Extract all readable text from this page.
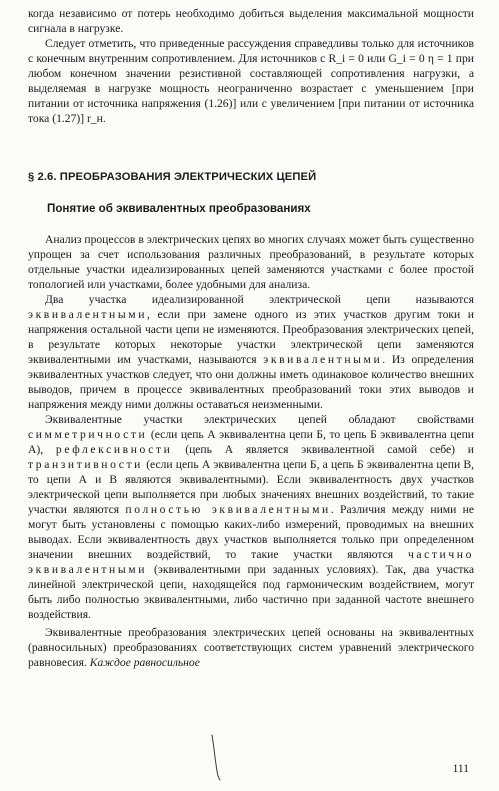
когда независимо от потерь необходимо добиться выделения максимальной мощности сигнала в нагрузке.

Следует отметить, что приведенные рассуждения справедливы только для источников с конечным внутренним сопротивлением. Для источников с R_i = 0 или G_i = 0 η = 1 при любом конечном значении резистивной составляющей сопротивления нагрузки, а выделяемая в нагрузке мощность неограниченно возрастает с уменьшением [при питании от источника напряжения (1.26)] или с увеличением [при питании от источника тока (1.27)] r_н.

§ 2.6. ПРЕОБРАЗОВАНИЯ ЭЛЕКТРИЧЕСКИХ ЦЕПЕЙ
Понятие об эквивалентных преобразованиях

Анализ процессов в электрических цепях во многих случаях может быть существенно упрощен за счет использования различных преобразований, в результате которых отдельные участки идеализированных цепей заменяются участками с более простой топологией или участками, более удобными для анализа.

Два участка идеализированной электрической цепи называются эквивалентными, если при замене одного из этих участков другим токи и напряжения остальной части цепи не изменяются. Преобразования электрических цепей, в результате которых некоторые участки электрической цепи заменяются эквивалентными им участками, называются эквивалентными. Из определения эквивалентных участков следует, что они должны иметь одинаковое количество внешних выводов, причем в процессе эквивалентных преобразований токи этих выводов и напряжения между ними должны оставаться неизменными.

Эквивалентные участки электрических цепей обладают свойствами симметричности (если цепь А эквивалентна цепи Б, то цепь Б эквивалентна цепи А), рефлексивности (цепь А является эквивалентной самой себе) и транзитивности (если цепь А эквивалентна цепи Б, а цепь Б эквивалентна цепи В, то цепи А и В являются эквивалентными). Если эквивалентность двух участков электрической цепи выполняется при любых значениях внешних воздействий, то такие участки являются полностью эквивалентными. Различия между ними не могут быть установлены с помощью каких-либо измерений, проводимых на внешних выводах. Если эквивалентность двух участков выполняется только при определенном значении внешних воздействий, то такие участки являются частично эквивалентными (эквивалентными при заданных условиях). Так, два участка линейной электрической цепи, находящейся под гармоническим воздействием, могут быть либо полностью эквивалентными, либо частично при заданной частоте внешнего воздействия.

Эквивалентные преобразования электрических цепей основаны на эквивалентных (равносильных) преобразованиях соответствующих систем уравнений электрического равновесия. Каждое равносильное

111
